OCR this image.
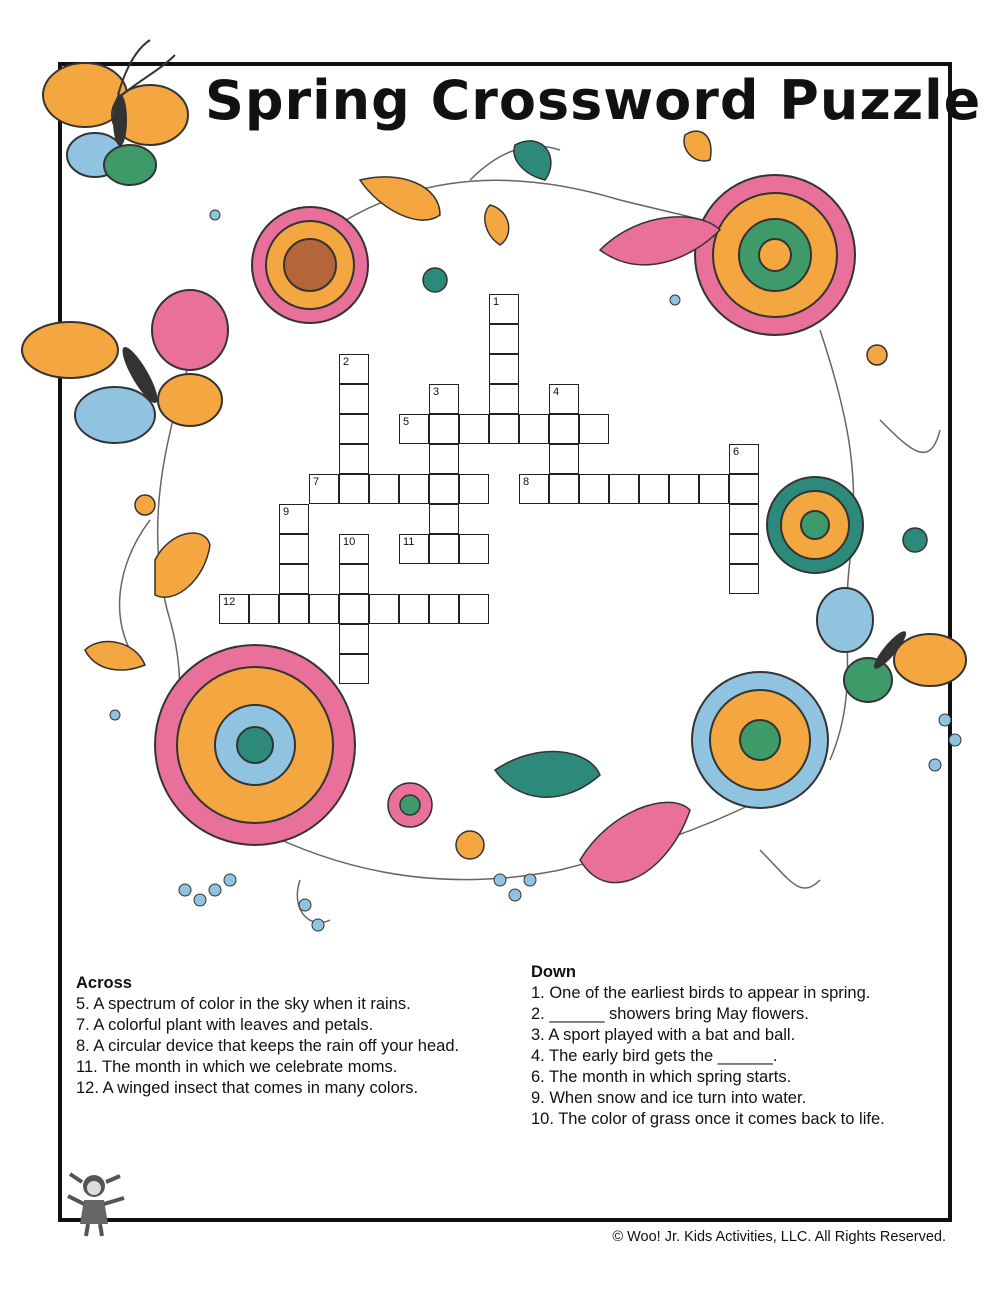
Spring Crossword Puzzle
Across
5. A spectrum of color in the sky when it rains.
7. A colorful plant with leaves and petals.
8. A circular device that keeps the rain off your head.
11. The month in which we celebrate moms.
12. A winged insect that comes in many colors.
Down
1. One of the earliest birds to appear in spring.
2. ______ showers bring May flowers.
3. A sport played with a bat and ball.
4. The early bird gets the ______.
6. The month in which spring starts.
9. When snow and ice turn into water.
10. The color of grass once it comes back to life.
© Woo! Jr. Kids Activities, LLC. All Rights Reserved.
1
2
3	4
5
6
7	8
9
10	11
12
